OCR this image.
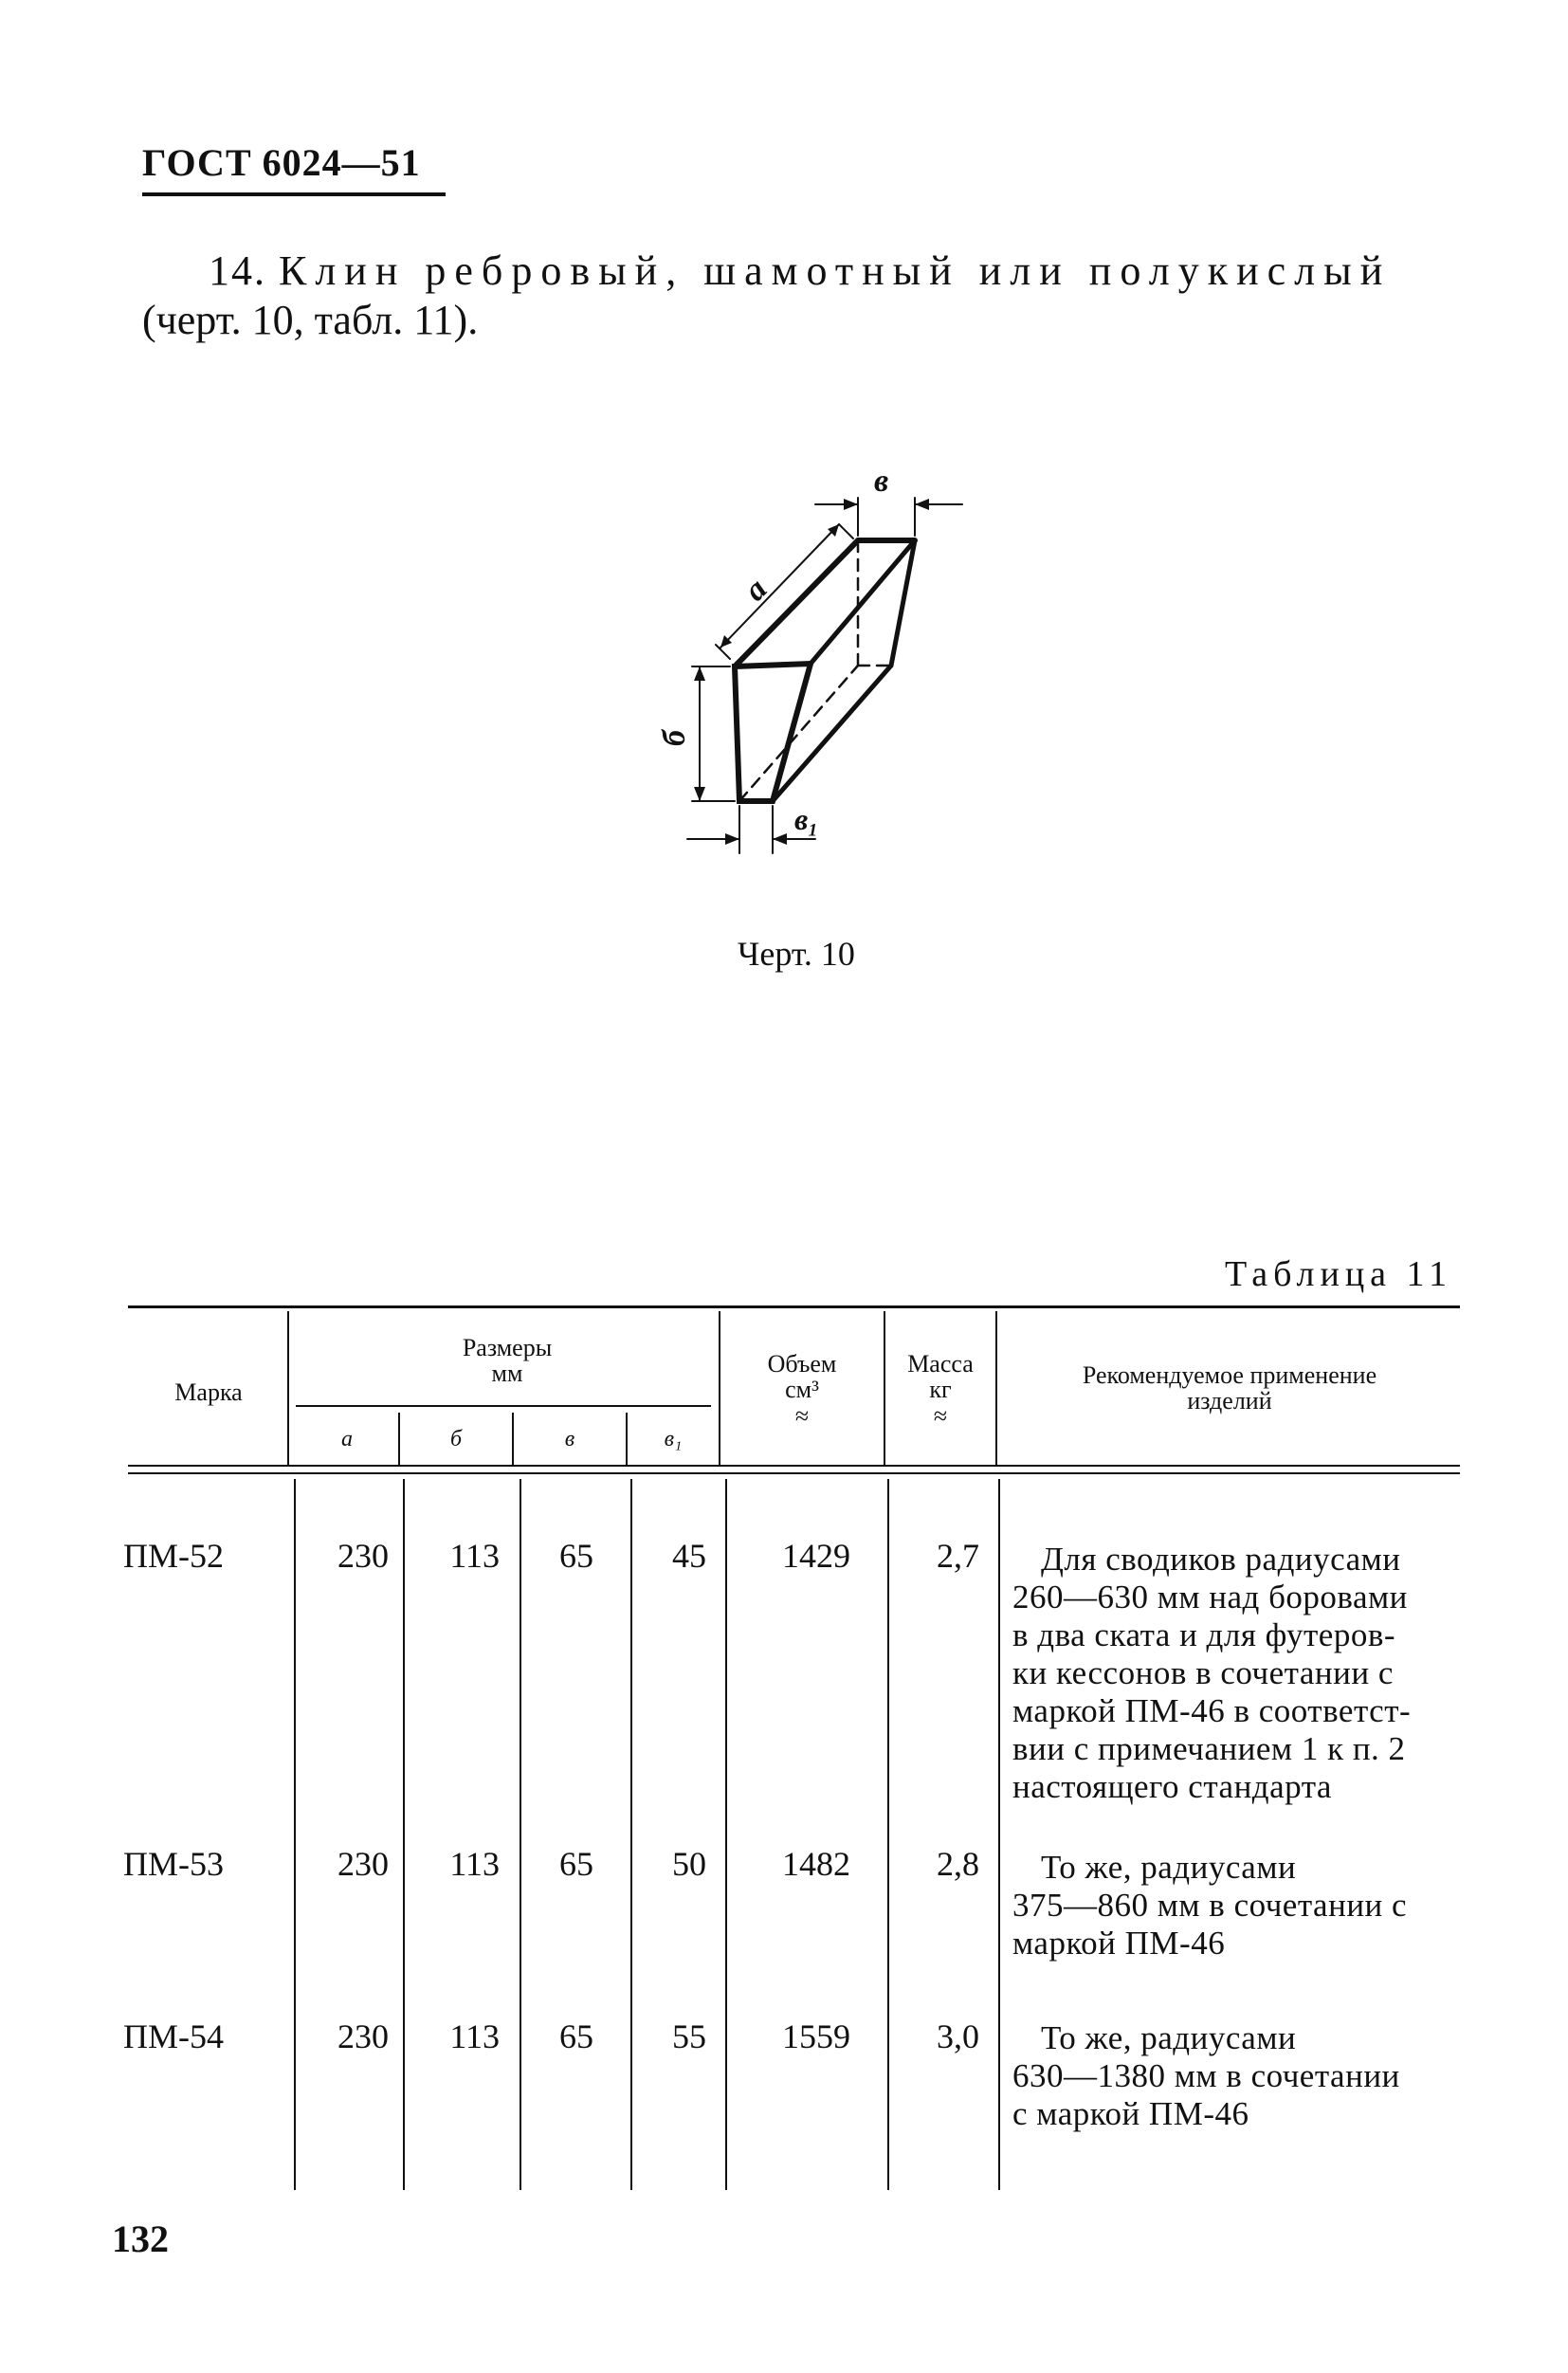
ГОСТ 6024—51
14. Клин ребровый, шамотный или полукислый
(черт. 10, табл. 11).
в
а
б
в₁
Черт. 10
Таблица 11
Марка
Размеры
мм
а	б	в	в₁
Объем
см³
≈
Масса
кг
≈
Рекомендуемое применение
изделий
ПМ-52	230	113	65	45	1429	2,7	Для сводиков радиусами
260—630 мм над боровами
в два ската и для футеров-
ки кессонов в сочетании с
маркой ПМ-46 в соответст-
вии с примечанием 1 к п. 2
настоящего стандарта
ПМ-53	230	113	65	50	1482	2,8	То же, радиусами
375—860 мм в сочетании с
маркой ПМ-46
ПМ-54	230	113	65	55	1559	3,0	То же, радиусами
630—1380 мм в сочетании
с маркой ПМ-46
132
